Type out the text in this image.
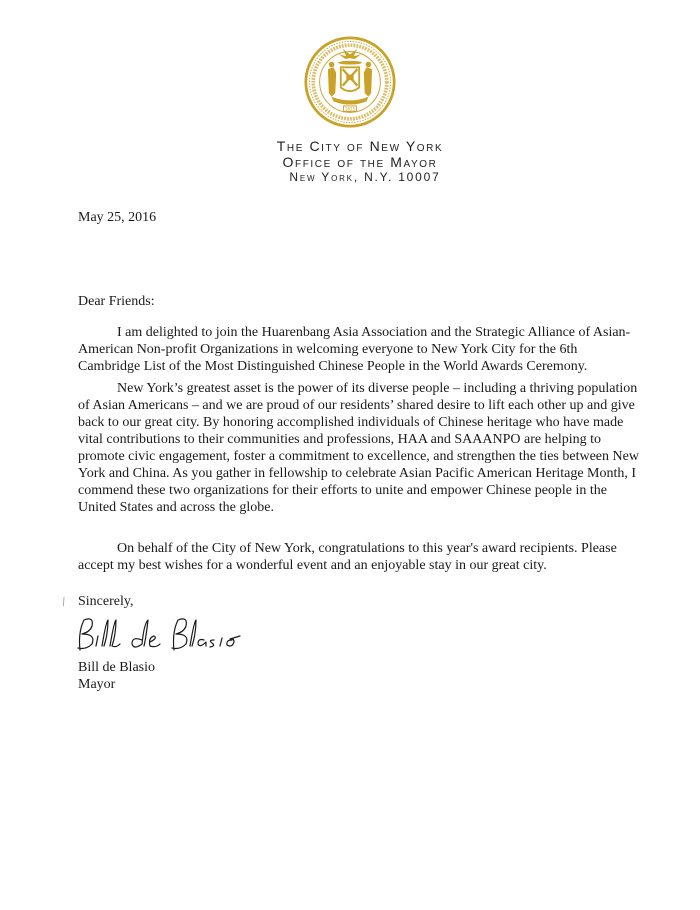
1625
The City of New York
Office of the Mayor
New York, N.Y. 10007
May 25, 2016
Dear Friends:

I am delighted to join the Huarenbang Asia Association and the Strategic Alliance of Asian-American Non-profit Organizations in welcoming everyone to New York City for the 6th Cambridge List of the Most Distinguished Chinese People in the World Awards Ceremony.

New York’s greatest asset is the power of its diverse people – including a thriving population of Asian Americans – and we are proud of our residents’ shared desire to lift each other up and give back to our great city. By honoring accomplished individuals of Chinese heritage who have made vital contributions to their communities and professions, HAA and SAAANPO are helping to promote civic engagement, foster a commitment to excellence, and strengthen the ties between New York and China. As you gather in fellowship to celebrate Asian Pacific American Heritage Month, I commend these two organizations for their efforts to unite and empower Chinese people in the United States and across the globe.

On behalf of the City of New York, congratulations to this year's award recipients. Please accept my best wishes for a wonderful event and an enjoyable stay in our great city.

Sincerely,
Bill de Blasio
Bill de Blasio
Mayor
